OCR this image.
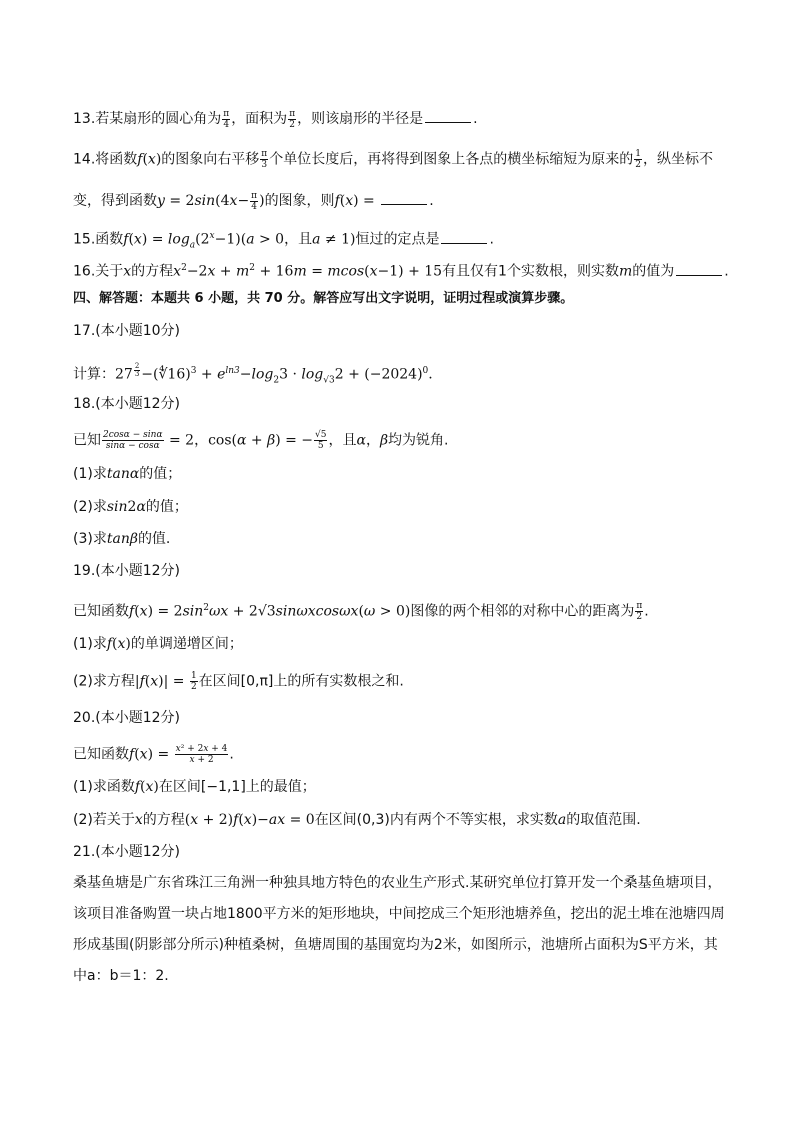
13.若某扇形的圆心角为 $\frac{\pi}{4}$ ，面积为 $\frac{\pi}{2}$ ，则该扇形的半径是	.
14.将函数f(x)的图象向右平移 $\frac{\pi}{3}$ 个单位长度后，再将得到图象上各点的横坐标缩短为原来的 $\frac{1}{2}$ ，纵坐标不
变，得到函数$y = 2\sin(4x- \frac{\pi}{4}$ )的图象，则f(x) =	.
15.函数$f(x) = \log_a(2^x-1)(a > 0$，且a ≠ 1)恒过的定点是	.
16.关于x的方程$x^2-2x + m^2 + 16m = mcos(x-1) + 15$有且仅有1个实数根，则实数m的值为	.
四、解答题：本题共 6 小题，共 70 分。解答应写出文字说明，证明过程或演算步骤。
17.(本小题10分)
计算：27 $^{\frac{2}{3}}$ −(∜16)$^3$ + $e^{ln3}-\log_23 \cdot \log_{√3}2 + (-2024)^0$.
18.(本小题12分)
已知 $\frac{2\cos\alpha - \sin\alpha}{\sin\alpha - \cos\alpha} = 2$，cos(α + β) = − $\frac{√5}{5}$ ，且α，β均为锐角.
(1)求tanα的值；
(2)求sin2α的值；
(3)求tanβ的值.
19.(本小题12分)
已知函数$f(x) = 2\sin^2\omega x + 2√3\sin\omega xcos\omega x(\omega > 0)$图像的两个相邻的对称中心的距离为 $\frac{\pi}{2}$ .
(1)求f(x)的单调递增区间；
(2)求方程$|f(x)| = \frac{1}{2}$ 在区间[0,π]上的所有实数根之和.
20.(本小题12分)
已知函数$f(x) = \frac{\text{x² + 2x + 4}}{x + 2}$ .
(1)求函数f(x)在区间[−1,1]上的最值；
(2)若关于x的方程(x + 2)f(x)−ax = 0在区间(0,3)内有两个不等实根，求实数a的取值范围.
21.(本小题12分)
桑基鱼塘是广东省珠江三角洲一种独具地方特色的农业生产形式.某研究单位打算开发一个桑基鱼塘项目，
该项目准备购置一块占地1800平方米的矩形地块，中间挖成三个矩形池塘养鱼，挖出的泥土堆在池塘四周
形成基围(阴影部分所示)种植桑树，鱼塘周围的基围宽均为2米，如图所示，池塘所占面积为S平方米，其
中a：b＝1：2.
